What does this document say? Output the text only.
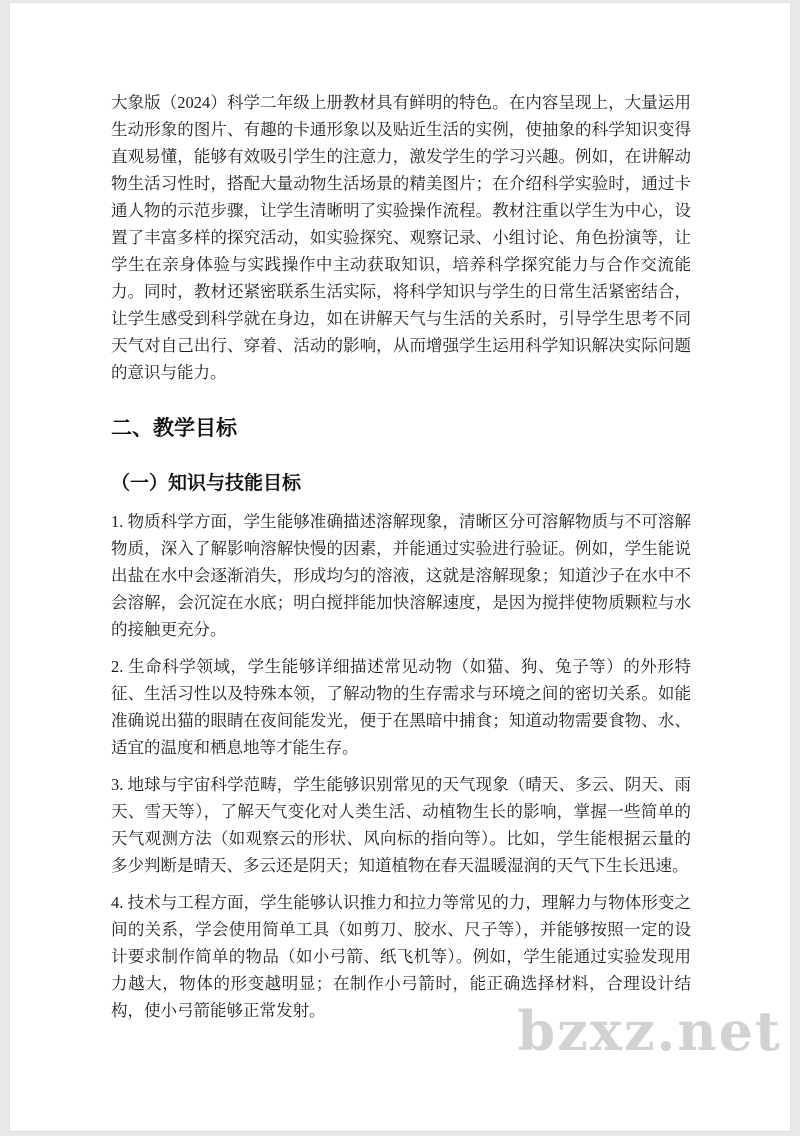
大象版（2024）科学二年级上册教材具有鲜明的特色。在内容呈现上，大量运用生动形象的图片、有趣的卡通形象以及贴近生活的实例，使抽象的科学知识变得直观易懂，能够有效吸引学生的注意力，激发学生的学习兴趣。例如，在讲解动物生活习性时，搭配大量动物生活场景的精美图片；在介绍科学实验时，通过卡通人物的示范步骤，让学生清晰明了实验操作流程。教材注重以学生为中心，设置了丰富多样的探究活动，如实验探究、观察记录、小组讨论、角色扮演等，让学生在亲身体验与实践操作中主动获取知识，培养科学探究能力与合作交流能力。同时，教材还紧密联系生活实际，将科学知识与学生的日常生活紧密结合，让学生感受到科学就在身边，如在讲解天气与生活的关系时，引导学生思考不同天气对自己出行、穿着、活动的影响，从而增强学生运用科学知识解决实际问题的意识与能力。

二、教学目标
（一）知识与技能目标

1. 物质科学方面，学生能够准确描述溶解现象，清晰区分可溶解物质与不可溶解物质，深入了解影响溶解快慢的因素，并能通过实验进行验证。例如，学生能说出盐在水中会逐渐消失，形成均匀的溶液，这就是溶解现象；知道沙子在水中不会溶解，会沉淀在水底；明白搅拌能加快溶解速度，是因为搅拌使物质颗粒与水的接触更充分。

2. 生命科学领域，学生能够详细描述常见动物（如猫、狗、兔子等）的外形特征、生活习性以及特殊本领，了解动物的生存需求与环境之间的密切关系。如能准确说出猫的眼睛在夜间能发光，便于在黑暗中捕食；知道动物需要食物、水、适宜的温度和栖息地等才能生存。

3. 地球与宇宙科学范畴，学生能够识别常见的天气现象（晴天、多云、阴天、雨天、雪天等），了解天气变化对人类生活、动植物生长的影响，掌握一些简单的天气观测方法（如观察云的形状、风向标的指向等）。比如，学生能根据云量的多少判断是晴天、多云还是阴天；知道植物在春天温暖湿润的天气下生长迅速。

4. 技术与工程方面，学生能够认识推力和拉力等常见的力，理解力与物体形变之间的关系，学会使用简单工具（如剪刀、胶水、尺子等），并能够按照一定的设计要求制作简单的物品（如小弓箭、纸飞机等）。例如，学生能通过实验发现用力越大，物体的形变越明显；在制作小弓箭时，能正确选择材料，合理设计结构，使小弓箭能够正常发射。	bzxz.net
